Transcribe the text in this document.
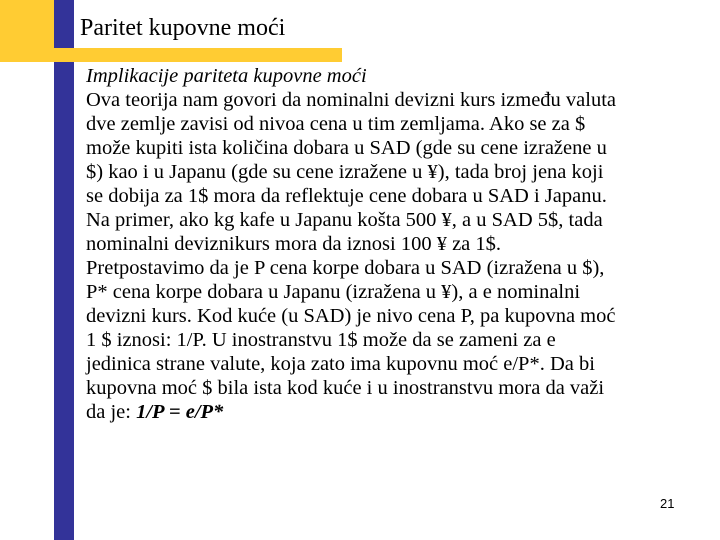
Paritet kupovne moći
Implikacije pariteta kupovne moći
Ova teorija nam govori da nominalni devizni kurs između valuta
dve zemlje zavisi od nivoa cena u tim zemljama. Ako se za $
može kupiti ista količina dobara u SAD (gde su cene izražene u
$) kao i u Japanu (gde su cene izražene u ¥), tada broj jena koji
se dobija za 1$ mora da reflektuje cene dobara u SAD i Japanu.
Na primer, ako kg kafe u Japanu košta 500 ¥, a u SAD 5$, tada
nominalni deviznikurs mora da iznosi 100 ¥ za 1$.
Pretpostavimo da je P cena korpe dobara u SAD (izražena u $),
P* cena korpe dobara u Japanu (izražena u ¥), a e nominalni
devizni kurs. Kod kuće (u SAD) je nivo cena P, pa kupovna moć
1 $ iznosi: 1/P. U inostranstvu 1$ može da se zameni za e
jedinica strane valute, koja zato ima kupovnu moć e/P*. Da bi
kupovna moć $ bila ista kod kuće i u inostranstvu mora da važi
da je: 1/P = e/P*
21
